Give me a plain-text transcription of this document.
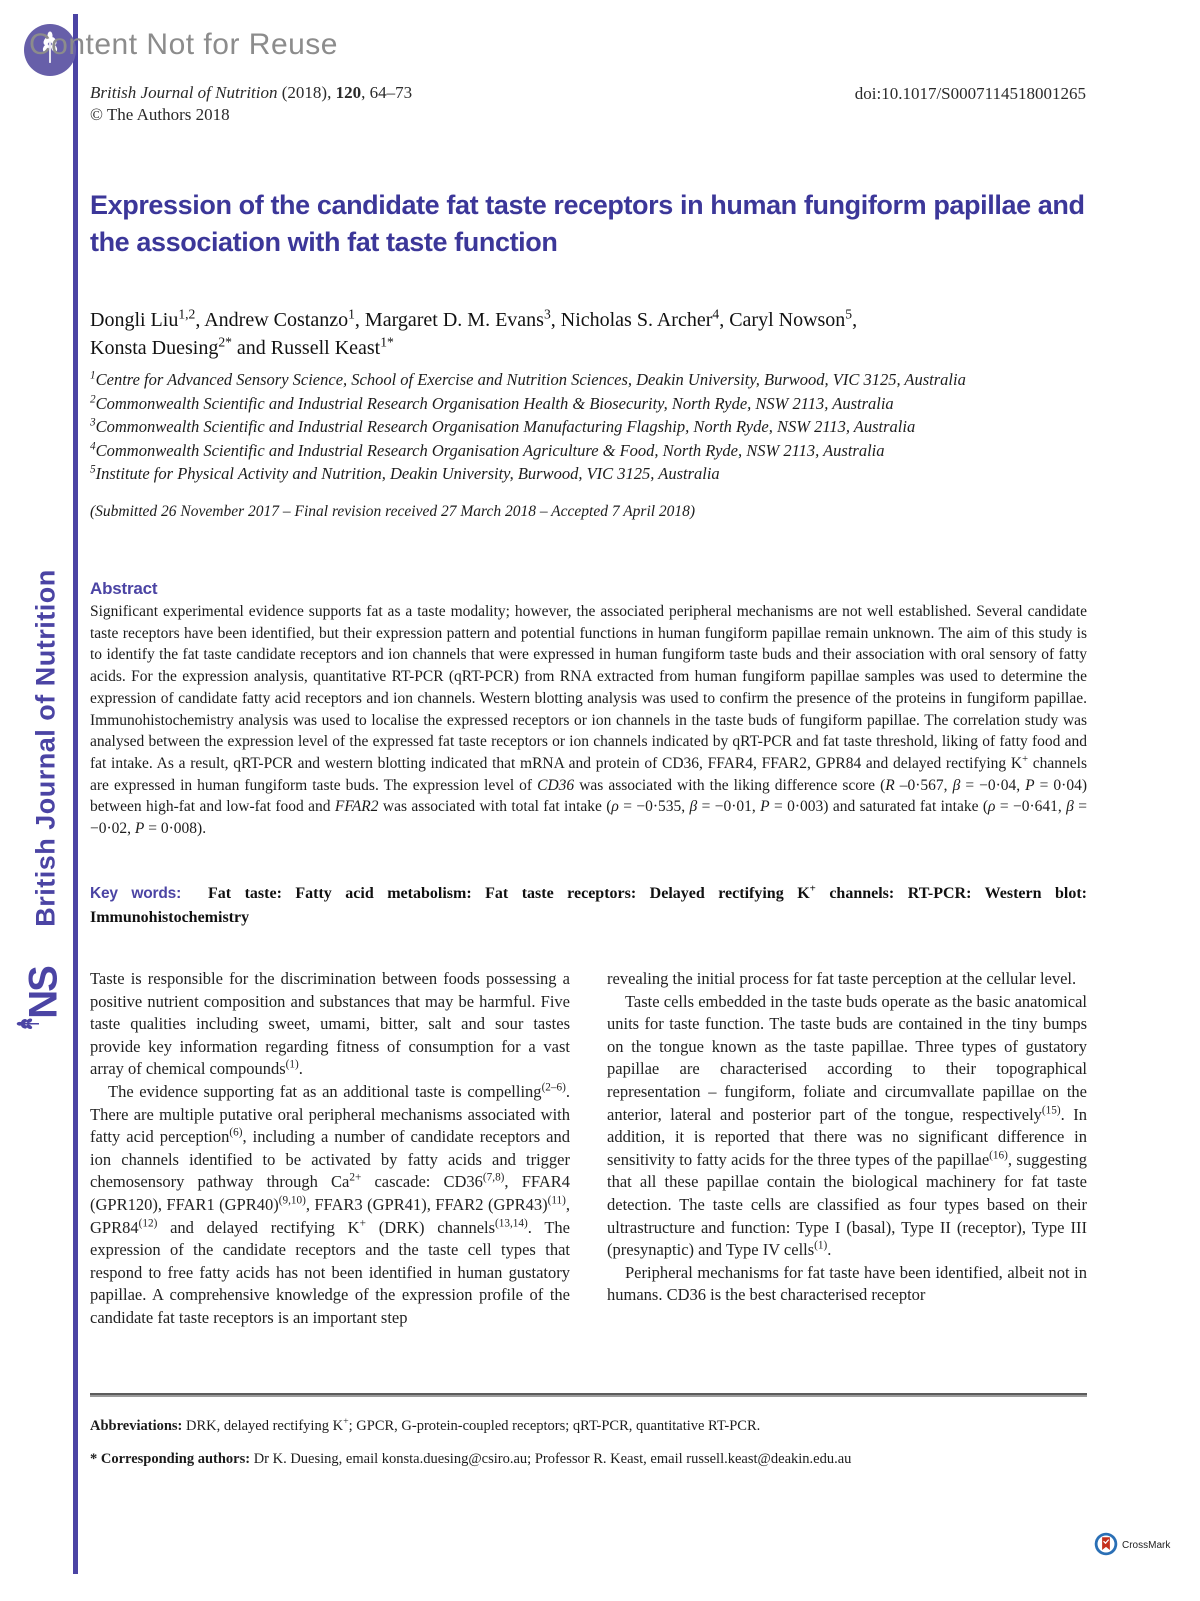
Content Not for Reuse
British Journal of Nutrition
NS
British Journal of Nutrition (2018), 120, 64–73
© The Authors 2018
doi:10.1017/S0007114518001265
Expression of the candidate fat taste receptors in human fungiform papillae and the association with fat taste function
Dongli Liu$^{1,2}$, Andrew Costanzo$^1$, Margaret D. M. Evans$^3$, Nicholas S. Archer$^4$, Caryl Nowson$^5$,
Konsta Duesing$^{2*}$ and Russell Keast$^{1*}$
$^1$Centre for Advanced Sensory Science, School of Exercise and Nutrition Sciences, Deakin University, Burwood, VIC 3125, Australia
$^2$Commonwealth Scientific and Industrial Research Organisation Health & Biosecurity, North Ryde, NSW 2113, Australia
$^3$Commonwealth Scientific and Industrial Research Organisation Manufacturing Flagship, North Ryde, NSW 2113, Australia
$^4$Commonwealth Scientific and Industrial Research Organisation Agriculture & Food, North Ryde, NSW 2113, Australia
$^5$Institute for Physical Activity and Nutrition, Deakin University, Burwood, VIC 3125, Australia
(Submitted 26 November 2017 – Final revision received 27 March 2018 – Accepted 7 April 2018)
Abstract
Significant experimental evidence supports fat as a taste modality; however, the associated peripheral mechanisms are not well established. Several candidate taste receptors have been identified, but their expression pattern and potential functions in human fungiform papillae remain unknown. The aim of this study is to identify the fat taste candidate receptors and ion channels that were expressed in human fungiform taste buds and their association with oral sensory of fatty acids. For the expression analysis, quantitative RT-PCR (qRT-PCR) from RNA extracted from human fungiform papillae samples was used to determine the expression of candidate fatty acid receptors and ion channels. Western blotting analysis was used to confirm the presence of the proteins in fungiform papillae. Immunohistochemistry analysis was used to localise the expressed receptors or ion channels in the taste buds of fungiform papillae. The correlation study was analysed between the expression level of the expressed fat taste receptors or ion channels indicated by qRT-PCR and fat taste threshold, liking of fatty food and fat intake. As a result, qRT-PCR and western blotting indicated that mRNA and protein of CD36, FFAR4, FFAR2, GPR84 and delayed rectifying K+ channels are expressed in human fungiform taste buds. The expression level of CD36 was associated with the liking difference score (R –0·567, β = −0·04, P = 0·04) between high-fat and low-fat food and FFAR2 was associated with total fat intake (ρ = −0·535, β = −0·01, P = 0·003) and saturated fat intake (ρ = −0·641, β = −0·02, P = 0·008).

Key words: Fat taste: Fatty acid metabolism: Fat taste receptors: Delayed rectifying K+ channels: RT-PCR: Western blot: Immunohistochemistry

Taste is responsible for the discrimination between foods possessing a positive nutrient composition and substances that may be harmful. Five taste qualities including sweet, umami, bitter, salt and sour tastes provide key information regarding fitness of consumption for a vast array of chemical compounds$^{(1)}$.

The evidence supporting fat as an additional taste is compelling$^{(2-6)}$. There are multiple putative oral peripheral mechanisms associated with fatty acid perception$^{(6)}$, including a number of candidate receptors and ion channels identified to be activated by fatty acids and trigger chemosensory pathway through $Ca^{2+}$ cascade: CD36$^{(7,8)}$, FFAR4 (GPR120), FFAR1 $(GPR40)^{(9,10)}$, FFAR3 (GPR41), FFAR2 $(GPR43)^{(11)}$, GPR84$^{(12)}$ and delayed rectifying K+ (DRK) channels$^{(13,14)}$. The expression of the candidate receptors and the taste cell types that respond to free fatty acids has not been identified in human gustatory papillae. A comprehensive knowledge of the expression profile of the candidate fat taste receptors is an important step

revealing the initial process for fat taste perception at the cellular level.

Taste cells embedded in the taste buds operate as the basic anatomical units for taste function. The taste buds are contained in the tiny bumps on the tongue known as the taste papillae. Three types of gustatory papillae are characterised according to their topographical representation – fungiform, foliate and circumvallate papillae on the anterior, lateral and posterior part of the tongue, respectively$^{(15)}$. In addition, it is reported that there was no significant difference in sensitivity to fatty acids for the three types of the papillae$^{(16)}$, suggesting that all these papillae contain the biological machinery for fat taste detection. The taste cells are classified as four types based on their ultrastructure and function: Type I (basal), Type II (receptor), Type III (presynaptic) and Type IV cells$^{(1)}$.

Peripheral mechanisms for fat taste have been identified, albeit not in humans. CD36 is the best characterised receptor

Abbreviations: DRK, delayed rectifying K+; GPCR, G-protein-coupled receptors; qRT-PCR, quantitative RT-PCR.
* Corresponding authors: Dr K. Duesing, email konsta.duesing@csiro.au; Professor R. Keast, email russell.keast@deakin.edu.au
CrossMark
